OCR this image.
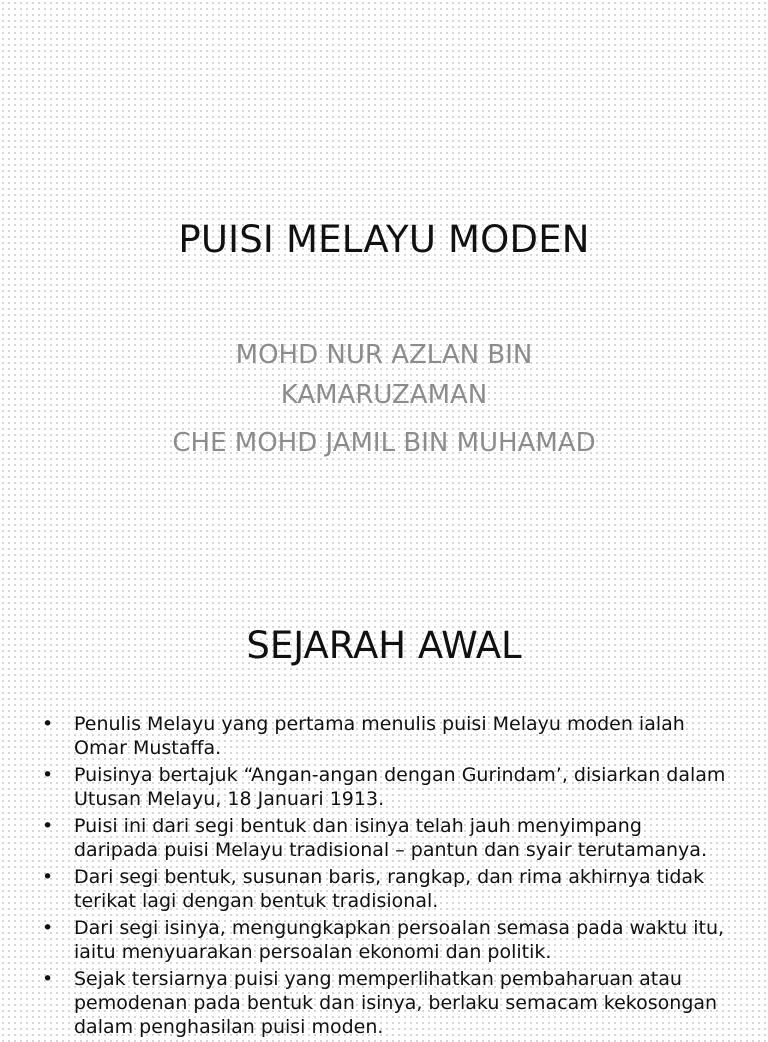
PUISI MELAYU MODEN

MOHD NUR AZLAN BIN

KAMARUZAMAN

CHE MOHD JAMIL BIN MUHAMAD

SEJARAH AWAL
• Penulis Melayu yang pertama menulis puisi Melayu moden ialah Omar Mustaffa.
• Puisinya bertajuk “Angan-angan dengan Gurindam’, disiarkan dalam Utusan Melayu, 18 Januari 1913.
• Puisi ini dari segi bentuk dan isinya telah jauh menyimpang daripada puisi Melayu tradisional – pantun dan syair terutamanya.
• Dari segi bentuk, susunan baris, rangkap, dan rima akhirnya tidak terikat lagi dengan bentuk tradisional.
• Dari segi isinya, mengungkapkan persoalan semasa pada waktu itu, iaitu menyuarakan persoalan ekonomi dan politik.
• Sejak tersiarnya puisi yang memperlihatkan pembaharuan atau pemodenan pada bentuk dan isinya, berlaku semacam kekosongan dalam penghasilan puisi moden.
